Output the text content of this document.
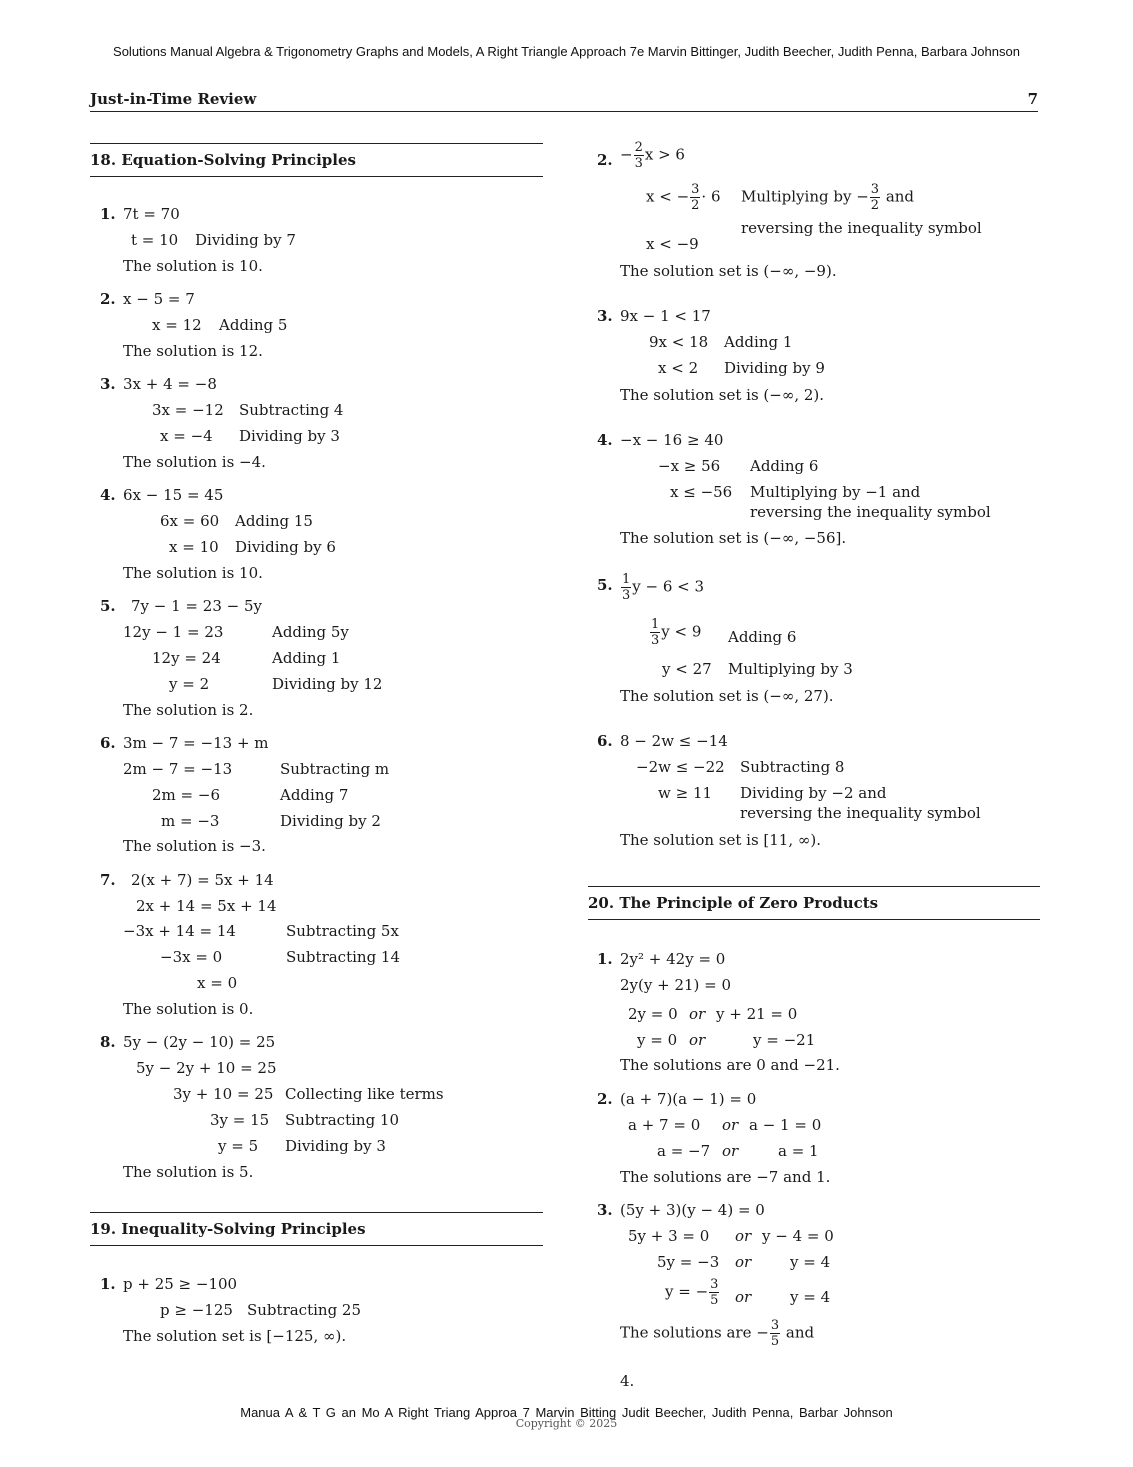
Solutions Manual Algebra & Trigonometry Graphs and Models, A Right Triangle Approach 7e Marvin Bittinger, Judith Beecher, Judith Penna, Barbara Johnson
Just-in-Time Review	7
18. Equation-Solving Principles
1. 7t = 70
t = 10 Dividing by 7
The solution is 10.
2. x − 5 = 7
x = 12 Adding 5
The solution is 12.
3. 3x + 4 = −8
3x = −12 Subtracting 4
x = −4 Dividing by 3
The solution is −4.
4. 6x − 15 = 45
6x = 60 Adding 15
x = 10 Dividing by 6
The solution is 10.
5. 7y − 1 = 23 − 5y
12y − 1 = 23	Adding 5y
12y = 24	Adding 1
y = 2	Dividing by 12
The solution is 2.
6. 3m − 7 = −13 + m
2m − 7 = −13	Subtracting m
2m = −6	Adding 7
m = −3	Dividing by 2
The solution is −3.
7. 2(x + 7) = 5x + 14
2x + 14 = 5x + 14
−3x + 14 = 14	Subtracting 5x
−3x = 0	Subtracting 14
x = 0
The solution is 0.
8. 5y − (2y − 10) = 25
5y − 2y + 10 = 25
3y + 10 = 25 Collecting like terms
3y = 15 Subtracting 10
y = 5 Dividing by 3
The solution is 5.
19. Inequality-Solving Principles
1. p + 25 ≥ −100
p ≥ −125 Subtracting 25
The solution set is [−125, ∞).
2. − $\frac{2}{3}$ x > 6
x < − $\frac{3}{2} \cdot 6$ Multiplying by − $\frac{3}{2}$ and
reversing the inequality symbol
x < −9
The solution set is (−∞, −9).
3. 9x − 1 < 17
9x < 18 Adding 1
x < 2 Dividing by 9
The solution set is (−∞, 2).
4. −x − 16 ≥ 40
−x ≥ 56 Adding 6
x ≤ −56 Multiplying by −1 and
reversing the inequality symbol
The solution set is (−∞, −56].
5. $\frac{1}{3}$ y − 6 < 3
$\frac{1}{3}$ y < 9 Adding 6
y < 27 Multiplying by 3
The solution set is (−∞, 27).
6. 8 − 2w ≤ −14
−2w ≤ −22 Subtracting 8
w ≥ 11 Dividing by −2 and
reversing the inequality symbol
The solution set is [11, ∞).
20. The Principle of Zero Products
1. 2y² + 42y = 0
2y(y + 21) = 0
2y = 0 or y + 21 = 0
y = 0 or	y = −21
The solutions are 0 and −21.
2. (a + 7)(a − 1) = 0
a + 7 = 0 or a − 1 = 0
a = −7 or	a = 1
The solutions are −7 and 1.
3. (5y + 3)(y − 4) = 0
5y + 3 = 0 or y − 4 = 0
5y = −3 or	y = 4
y = − $\frac{3}{5}$ or	y = 4
The solutions are − $\frac{3}{5}$ and
4.
Manua A & T G an Mo A Right Triang Approa 7 Marvin Bitting Judit Beecher, Judith Penna, Barbar Johnson
Copyright © 2025
